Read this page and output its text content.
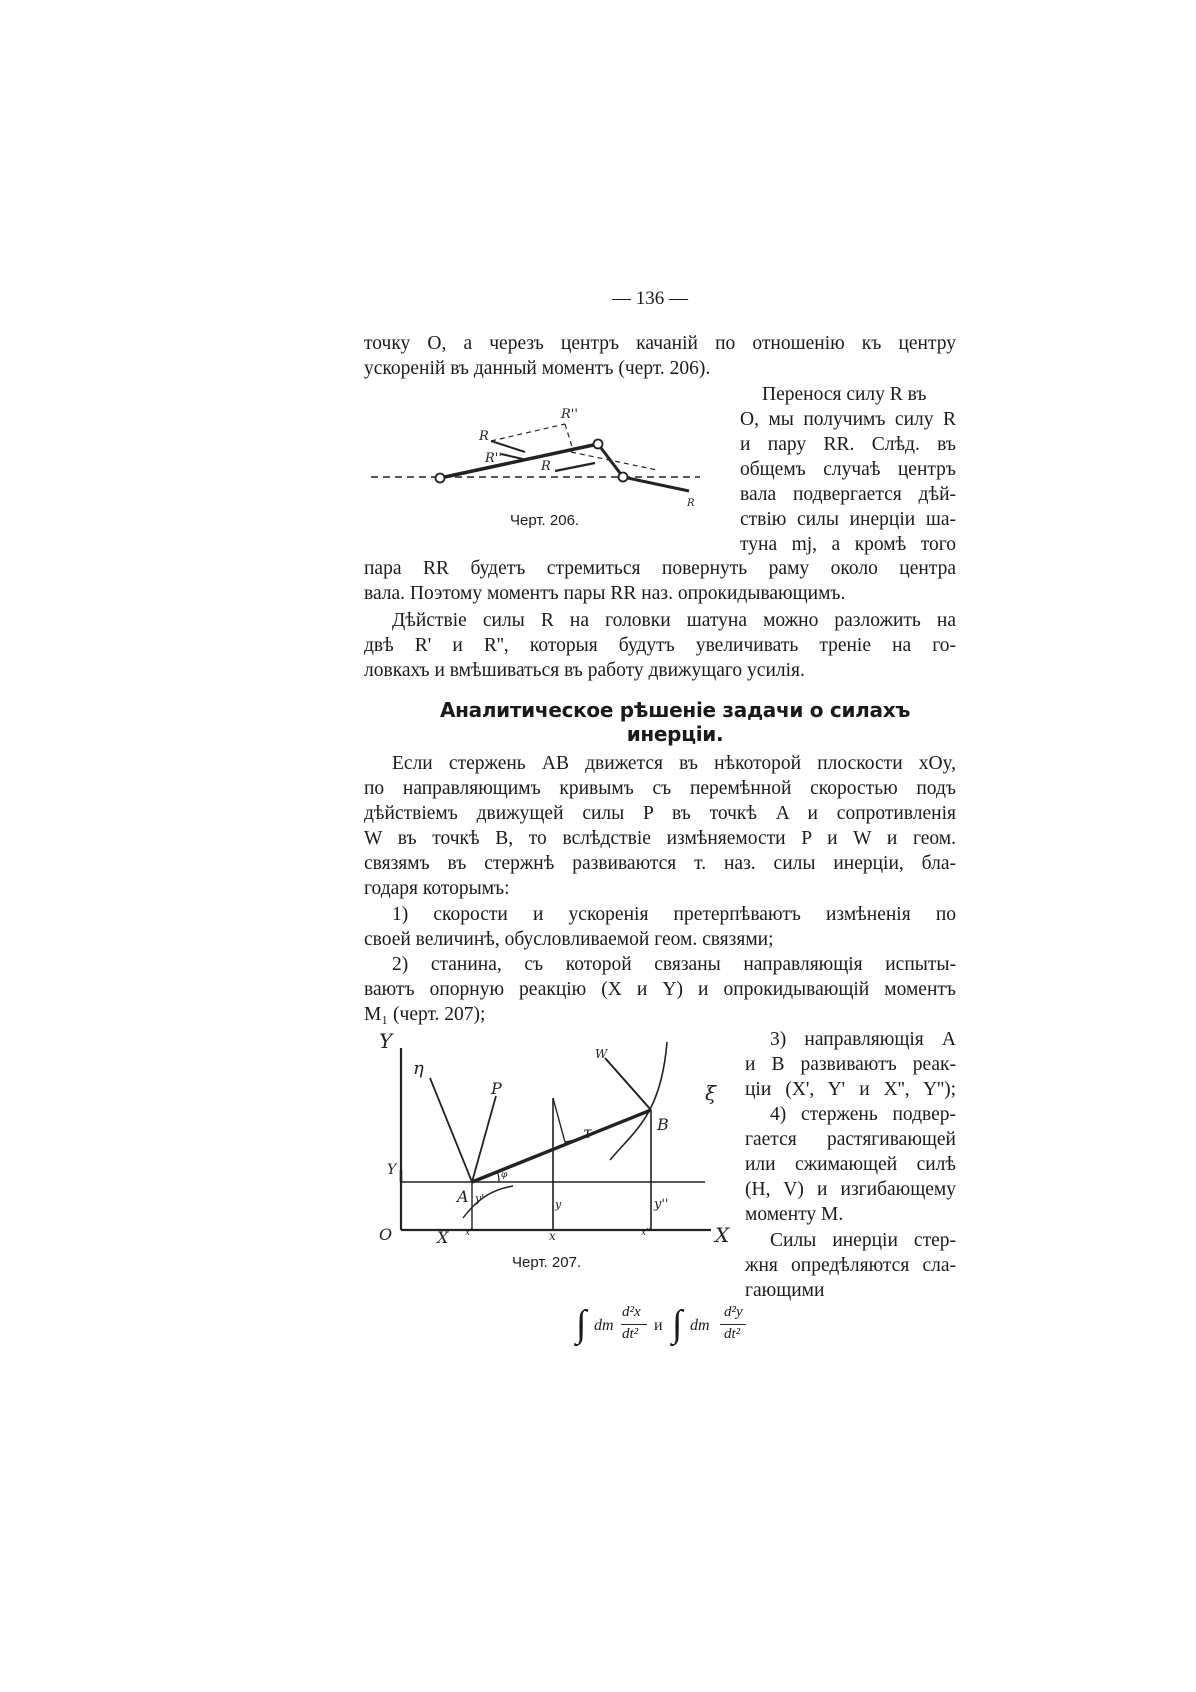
— 136 —
точку O, а черезъ центръ качаній по отношенію къ центру
ускореній въ данный моментъ (черт. 206).
Перенося силу R въ
O, мы получимъ силу R
и пару RR. Слѣд. въ
общемъ случаѣ центръ
вала подвергается дѣй-
ствію силы инерціи ша-
туна mj, а кромѣ того
R''
R
R''
R
R
Черт. 206.
пара RR будетъ стремиться повернуть раму около центра
вала. Поэтому моментъ пары RR наз. опрокидывающимъ.
Дѣйствіе силы R на головки шатуна можно разложить на
двѣ R' и R'', которыя будутъ увеличивать треніе на го-
ловкахъ и вмѣшиваться въ работу движущаго усилія.
Аналитическое рѣшеніе задачи о силахъ инерціи.
Если стержень AB движется въ нѣкоторой плоскости xOy,
по направляющимъ кривымъ съ перемѣнной скоростью подъ
дѣйствіемъ движущей силы P въ точкѣ A и сопротивленія
W въ точкѣ B, то вслѣдствіе измѣняемости P и W и геом.
связямъ въ стержнѣ развиваются т. наз. силы инерціи, бла-
годаря которымъ:
1) скорости и ускоренія претерпѣваютъ измѣненія по
своей величинѣ, обусловливаемой геом. связями;
2) станина, съ которой связаны направляющія испыты-
ваютъ опорную реакцію (X и Y) и опрокидывающій моментъ
M₁ (черт. 207);
3) направляющія A
и B развиваютъ реак-
ціи (X', Y' и X'', Y'');
4) стержень подвер-
гается растягивающей
или сжимающей силѣ
(H, V) и изгибающему
моменту M.
Силы инерціи стер-
жня опредѣляются сла-
гающими
Y
Y
O	X
X x'	x	x''
η
P
W
ξ
B
A
τ
y'	y	y''
φ
Черт. 207.
∫ dm
d²x
dt² и ∫ dm
d²y
dt²
